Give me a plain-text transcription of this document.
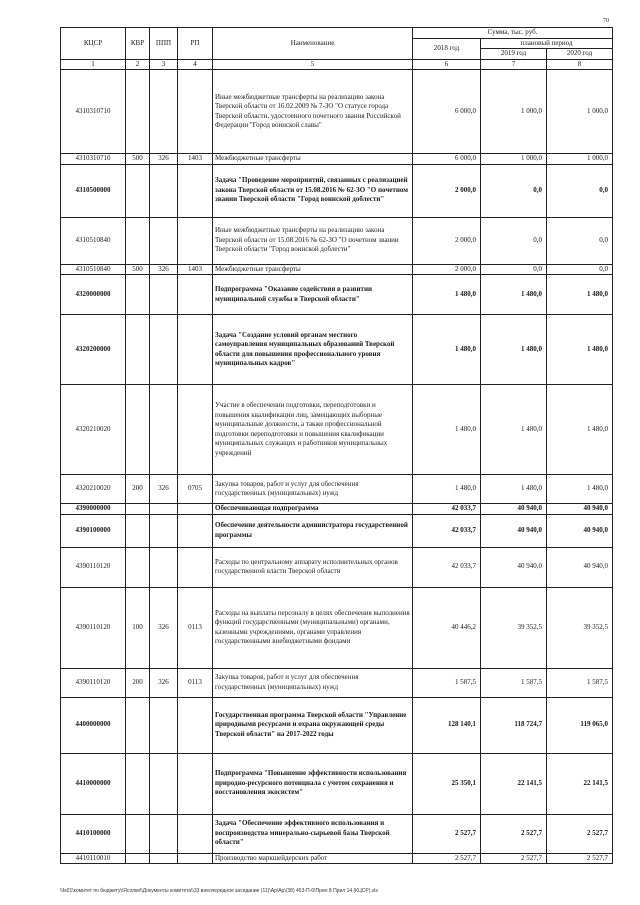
70
КЦСР	КВР	ППП	РП	Наименование	Сумма, тыс. руб.		
					2018 год	плановый период	
						2019 год	2020 год
1	2	3	4	5	6	7	8
4310310710				Иные межбюджетные трансферты на реализацию закона Тверской области от 16.02.2009 № 7-ЗО "О статусе города Тверской области, удостоенного почетного звания Российской Федерации "Город воинской славы"	6 000,0	1 000,0	1 000,0
4310310710	500	326	1403	Межбюджетные трансферты	6 000,0	1 000,0	1 000,0
4310500000				Задача "Проведение мероприятий, связанных с реализацией закона Тверской области от 15.08.2016 № 62-ЗО "О почетном звании Тверской области "Город воинской доблести"	2 000,0	0,0	0,0
4310510840				Иные межбюджетные трансферты на реализацию закона Тверской области от 15.08.2016 № 62-ЗО "О почетном звании Тверской области "Город воинской доблести"	2 000,0	0,0	0,0
4310510840	500	326	1403	Межбюджетные трансферты	2 000,0	0,0	0,0
4320000000				Подпрограмма "Оказание содействия в развитии муниципальной службы в Тверской области"	1 480,0	1 480,0	1 480,0
4320200000				Задача "Создание условий органам местного самоуправления муниципальных образований Тверской области для повышения профессионального уровня муниципальных кадров"	1 480,0	1 480,0	1 480,0
4320210020				Участие в обеспечении подготовки, переподготовки и повышения квалификации лиц, замещающих выборные муниципальные должности, а также профессиональной подготовки переподготовки и повышения квалификации муниципальных служащих и работников муниципальных учреждений	1 480,0	1 480,0	1 480,0
4320210020	200	326	0705	Закупка товаров, работ и услуг для обеспечения государственных (муниципальных) нужд	1 480,0	1 480,0	1 480,0
4390000000				Обеспечивающая подпрограмма	42 033,7	40 940,0	40 940,0
4390100000				Обеспечение деятельности администратора государственной программы	42 033,7	40 940,0	40 940,0
4390110120				Расходы по центральному аппарату исполнительных органов государственной власти Тверской области	42 033,7	40 940,0	40 940,0
4390110120	100	326	0113	Расходы на выплаты персоналу в целях обеспечения выполнения функций государственными (муниципальными) органами, казенными учреждениями, органами управления государственными внебюджетными фондами	40 446,2	39 352,5	39 352,5
4390110120	200	326	0113	Закупка товаров, работ и услуг для обеспечения государственных (муниципальных) нужд	1 587,5	1 587,5	1 587,5
4400000000				Государственная программа Тверской области "Управление природными ресурсами и охрана окружающей среды Тверской области" на 2017-2022 годы	128 140,1	118 724,7	119 065,0
4410000000				Подпрограмма "Повышение эффективности использования природно-ресурсного потенциала с учетом сохранения и восстановления экосистем"	25 350,1	22 141,5	22 141,5
4410100000				Задача "Обеспечение эффективного использования и воспроизводства минерально-сырьевой базы Тверской области"	2 527,7	2 527,7	2 527,7
4410110010				Производство маркшейдерских работ	2 527,7	2 527,7	2 527,7
\\fs01\комитет по бюджету\\Ясолки\\Документы комитета\\33 внеочередное заседание (11)\Ар\Ар\(38) 453-П-6\Прил 8 Прил 14 (КЦСР).xls
